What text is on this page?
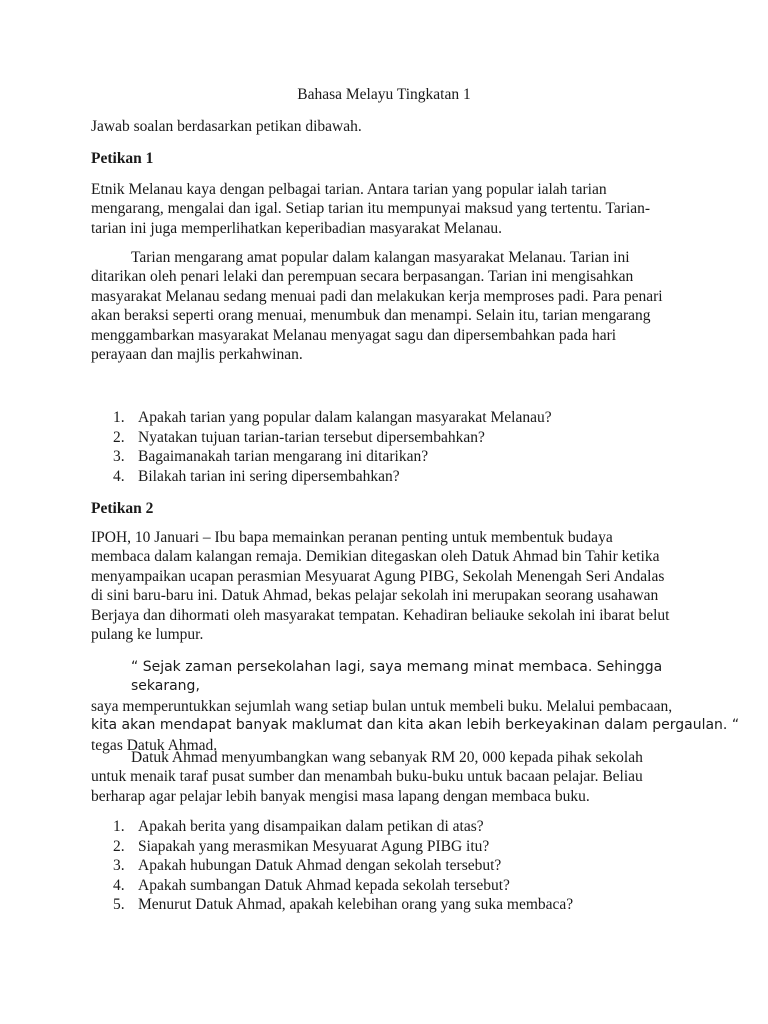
Bahasa Melayu Tingkatan 1
Jawab soalan berdasarkan petikan dibawah.
Petikan 1

Etnik Melanau kaya dengan pelbagai tarian. Antara tarian yang popular ialah tarian mengarang, mengalai dan igal. Setiap tarian itu mempunyai maksud yang tertentu. Tarian-tarian ini juga memperlihatkan keperibadian masyarakat Melanau.

Tarian mengarang amat popular dalam kalangan masyarakat Melanau. Tarian ini ditarikan oleh penari lelaki dan perempuan secara berpasangan. Tarian ini mengisahkan masyarakat Melanau sedang menuai padi dan melakukan kerja memproses padi. Para penari akan beraksi seperti orang menuai, menumbuk dan menampi. Selain itu, tarian mengarang menggambarkan masyarakat Melanau menyagat sagu dan dipersembahkan pada hari perayaan dan majlis perkahwinan.

1. Apakah tarian yang popular dalam kalangan masyarakat Melanau?
2. Nyatakan tujuan tarian-tarian tersebut dipersembahkan?
3. Bagaimanakah tarian mengarang ini ditarikan?
4. Bilakah tarian ini sering dipersembahkan?
Petikan 2

IPOH, 10 Januari – Ibu bapa memainkan peranan penting untuk membentuk budaya membaca dalam kalangan remaja. Demikian ditegaskan oleh Datuk Ahmad bin Tahir ketika menyampaikan ucapan perasmian Mesyuarat Agung PIBG, Sekolah Menengah Seri Andalas di sini baru-baru ini. Datuk Ahmad, bekas pelajar sekolah ini merupakan seorang usahawan Berjaya dan dihormati oleh masyarakat tempatan. Kehadiran beliauke sekolah ini ibarat belut pulang ke lumpur.

“ Sejak zaman persekolahan lagi, saya memang minat membaca. Sehingga sekarang,
saya memperuntukkan sejumlah wang setiap bulan untuk membeli buku. Melalui pembacaan,
kita akan mendapat banyak maklumat dan kita akan lebih berkeyakinan dalam pergaulan. “
tegas Datuk Ahmad.

Datuk Ahmad menyumbangkan wang sebanyak RM 20, 000 kepada pihak sekolah untuk menaik taraf pusat sumber dan menambah buku-buku untuk bacaan pelajar. Beliau berharap agar pelajar lebih banyak mengisi masa lapang dengan membaca buku.

1. Apakah berita yang disampaikan dalam petikan di atas?
2. Siapakah yang merasmikan Mesyuarat Agung PIBG itu?
3. Apakah hubungan Datuk Ahmad dengan sekolah tersebut?
4. Apakah sumbangan Datuk Ahmad kepada sekolah tersebut?
5. Menurut Datuk Ahmad, apakah kelebihan orang yang suka membaca?
